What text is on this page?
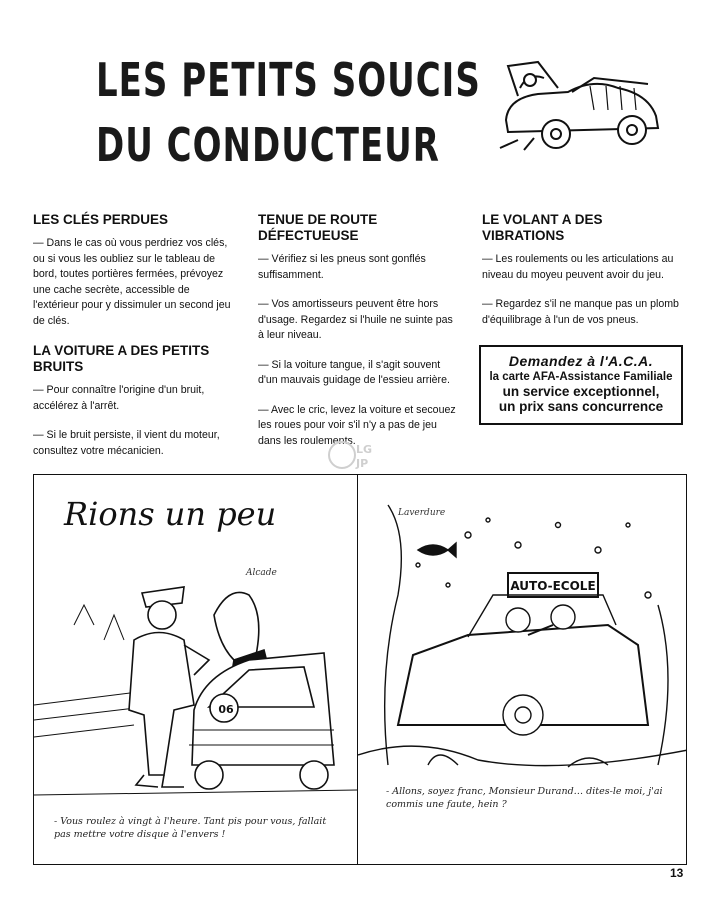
LES PETITS SOUCIS
DU CONDUCTEUR
LES CLÉS PERDUES

— Dans le cas où vous perdriez vos clés, ou si vous les oubliez sur le tableau de bord, toutes portières fermées, prévoyez une cache secrète, accessible de l'extérieur pour y dissimuler un second jeu de clés.

LA VOITURE A DES PETITS BRUITS

— Pour connaître l'origine d'un bruit, accélérez à l'arrêt.

— Si le bruit persiste, il vient du moteur, consultez votre mécanicien.

TENUE DE ROUTE DÉFECTUEUSE

— Vérifiez si les pneus sont gonflés suffisamment.

— Vos amortisseurs peuvent être hors d'usage. Regardez si l'huile ne suinte pas à leur niveau.

— Si la voiture tangue, il s'agit souvent d'un mauvais guidage de l'essieu arrière.

— Avec le cric, levez la voiture et secouez les roues pour voir s'il n'y a pas de jeu dans les roulements.

LE VOLANT A DES VIBRATIONS

— Les roulements ou les articulations au niveau du moyeu peuvent avoir du jeu.

— Regardez s'il ne manque pas un plomb d'équilibrage à l'un de vos pneus.

Demandez à l'A.C.A.
la carte AFA-Assistance Familiale
un service exceptionnel,
un prix sans concurrence
LG
JP
Rions un peu
06
Alcade
- Vous roulez à vingt à l'heure. Tant pis pour vous, fallait pas mettre votre disque à l'envers !
AUTO-ECOLE
Laverdure
- Allons, soyez franc, Monsieur Durand… dites-le moi, j'ai commis une faute, hein ?
13
